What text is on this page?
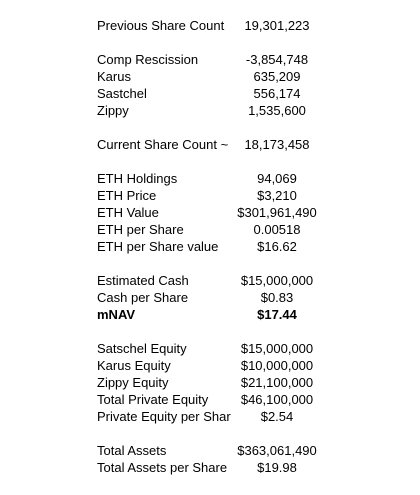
Previous Share Count	19,301,223
Comp Rescission	-3,854,748
Karus	635,209
Sastchel	556,174
Zippy	1,535,600
Current Share Count ~	18,173,458
ETH Holdings	94,069
ETH Price	$3,210
ETH Value	$301,961,490
ETH per Share	0.00518
ETH per Share value	$16.62
Estimated Cash	$15,000,000
Cash per Share	$0.83
mNAV	$17.44
Satschel Equity	$15,000,000
Karus Equity	$10,000,000
Zippy Equity	$21,100,000
Total Private Equity	$46,100,000
Private Equity per Shar	$2.54
Total Assets	$363,061,490
Total Assets per Share	$19.98
